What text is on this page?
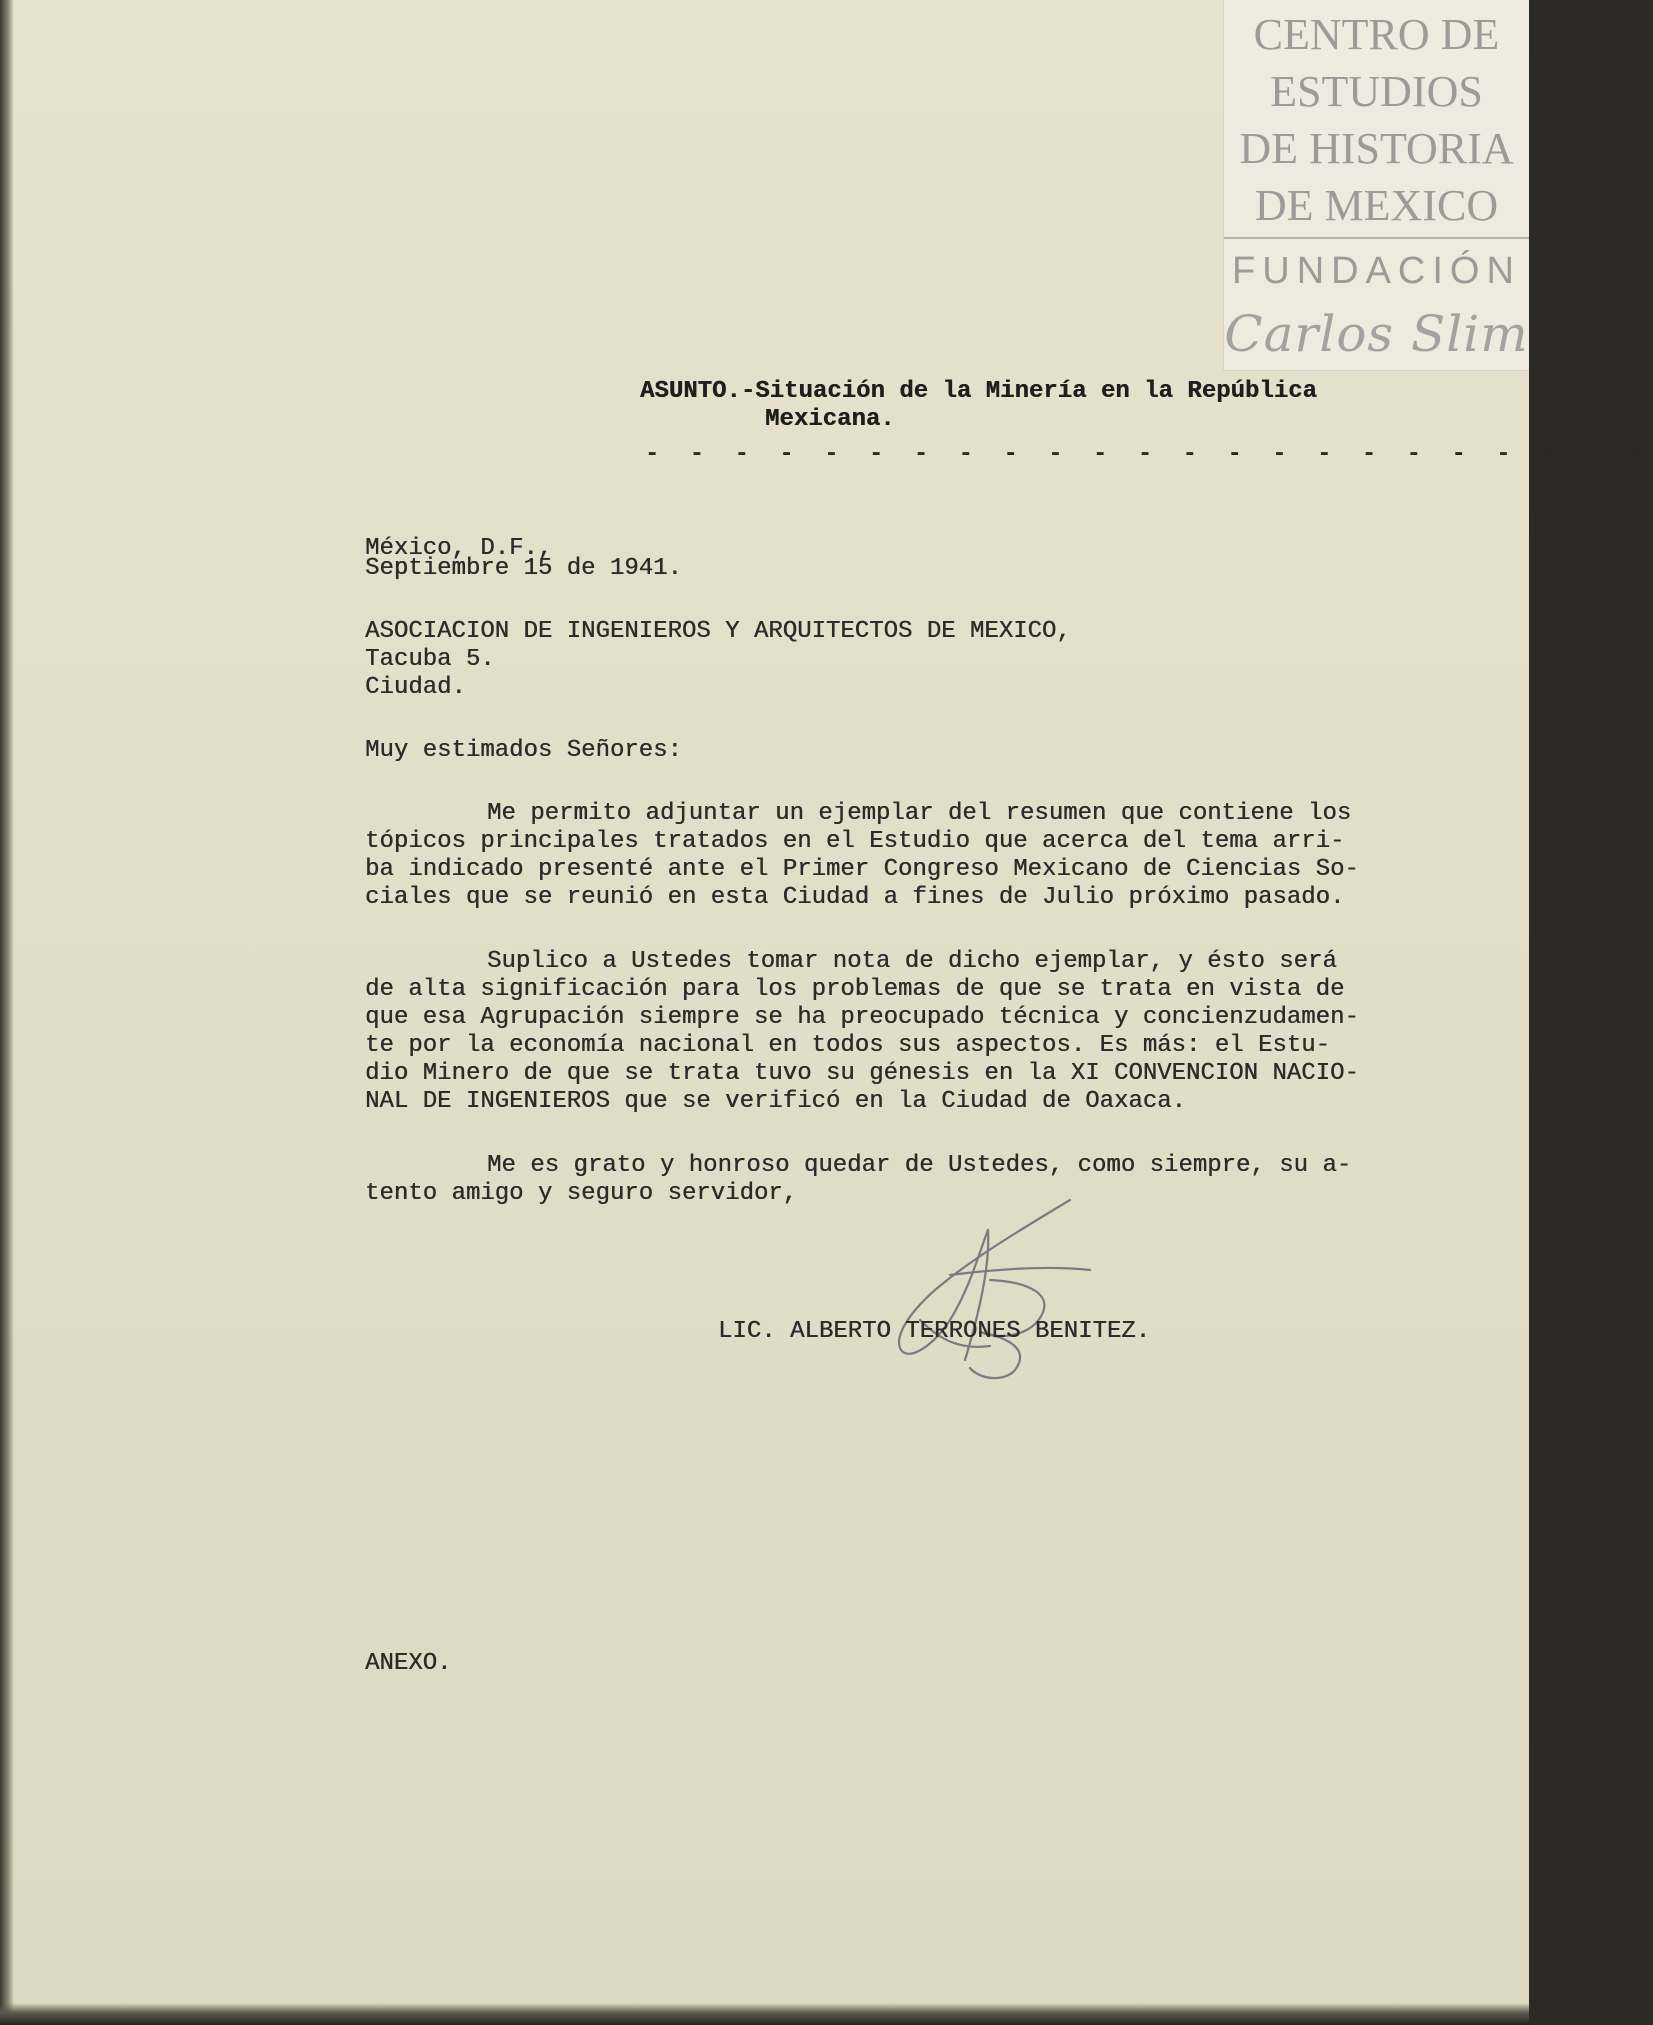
CENTRO DE
ESTUDIOS
DE HISTORIA
DE MEXICO
FUNDACIÓN
Carlos Slim
ASUNTO.-Situación de la Minería en la República
Mexicana.
- - - - - - - - - - - - - - - - - - - - - - -
México, D.F.,
Septiembre 15 de 1941.
ASOCIACION DE INGENIEROS Y ARQUITECTOS DE MEXICO,
Tacuba 5.
Ciudad.
Muy estimados Señores:
Me permito adjuntar un ejemplar del resumen que contiene los
tópicos principales tratados en el Estudio que acerca del tema arri-
ba indicado presenté ante el Primer Congreso Mexicano de Ciencias So-
ciales que se reunió en esta Ciudad a fines de Julio próximo pasado.
Suplico a Ustedes tomar nota de dicho ejemplar, y ésto será
de alta significación para los problemas de que se trata en vista de
que esa Agrupación siempre se ha preocupado técnica y concienzudamen-
te por la economía nacional en todos sus aspectos. Es más: el Estu-
dio Minero de que se trata tuvo su génesis en la XI CONVENCION NACIO-
NAL DE INGENIEROS que se verificó en la Ciudad de Oaxaca.
Me es grato y honroso quedar de Ustedes, como siempre, su a-
tento amigo y seguro servidor,
LIC. ALBERTO TERRONES BENITEZ.
ANEXO.
